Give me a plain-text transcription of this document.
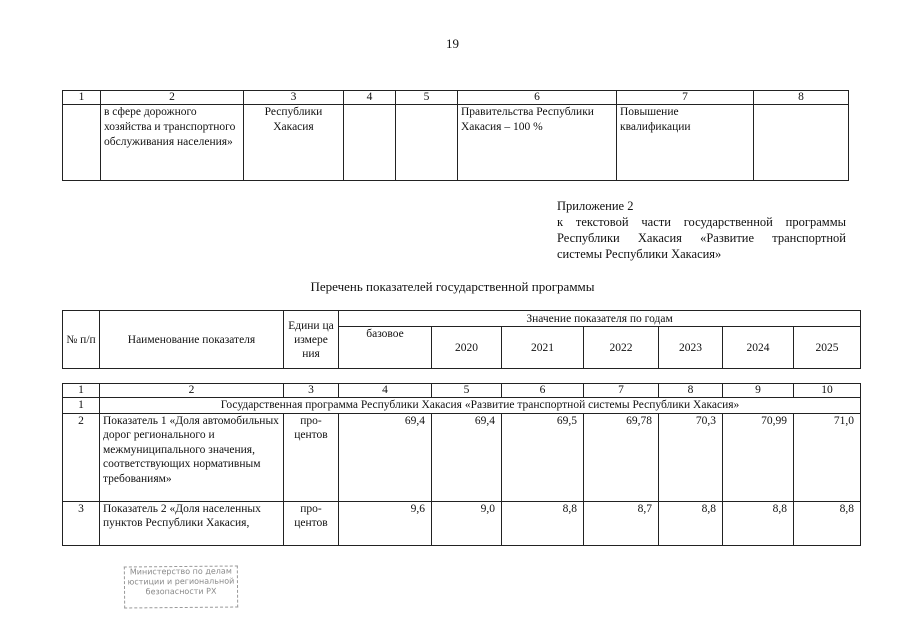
19
1	2	3	4	5	6	7	8
	в сфере дорожного хозяйства и транспортного обслуживания населения»	Республики Хакасия			Правительства Республики Хакасия – 100 %	Повышение квалификации	
Приложение 2
к текстовой части государственной программы
Республики Хакасия «Развитие транспортной
системы Республики Хакасия»
Перечень показателей государственной программы
№ п/п	Наименование показателя	Едини ца измере ния	Значение показателя по годам						
			базовое	2020	2021	2022	2023	2024	2025
1	2	3	4	5	6	7	8	9	10
1	Государственная программа Республики Хакасия «Развитие транспортной системы Республики Хакасия»								
2	Показатель 1 «Доля автомобильных дорог регионального и межмуниципального значения, соответствующих нормативным требованиям»	про-центов	69,4	69,4	69,5	69,78	70,3	70,99	71,0
3	Показатель 2 «Доля населенных пунктов Республики Хакасия,	про-центов	9,6	9,0	8,8	8,7	8,8	8,8	8,8
Министерство по делам
юстиции и региональной
безопасности РХ
